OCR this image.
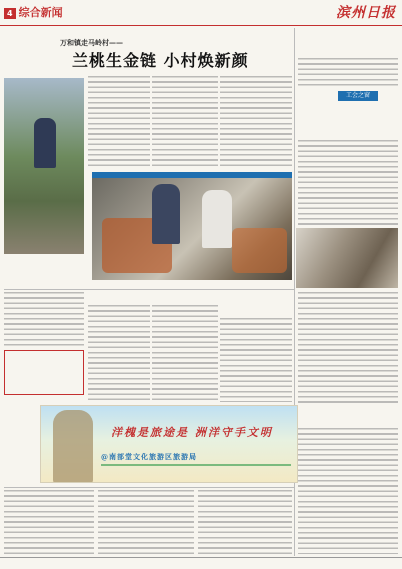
4 综合新闻	滨州日报
万和镇走马岭村——
兰桃生金链 小村焕新颜
工会之窗
洋槐是旅途是 洲洋守手文明
@南部堂文化旅游区旅游局
